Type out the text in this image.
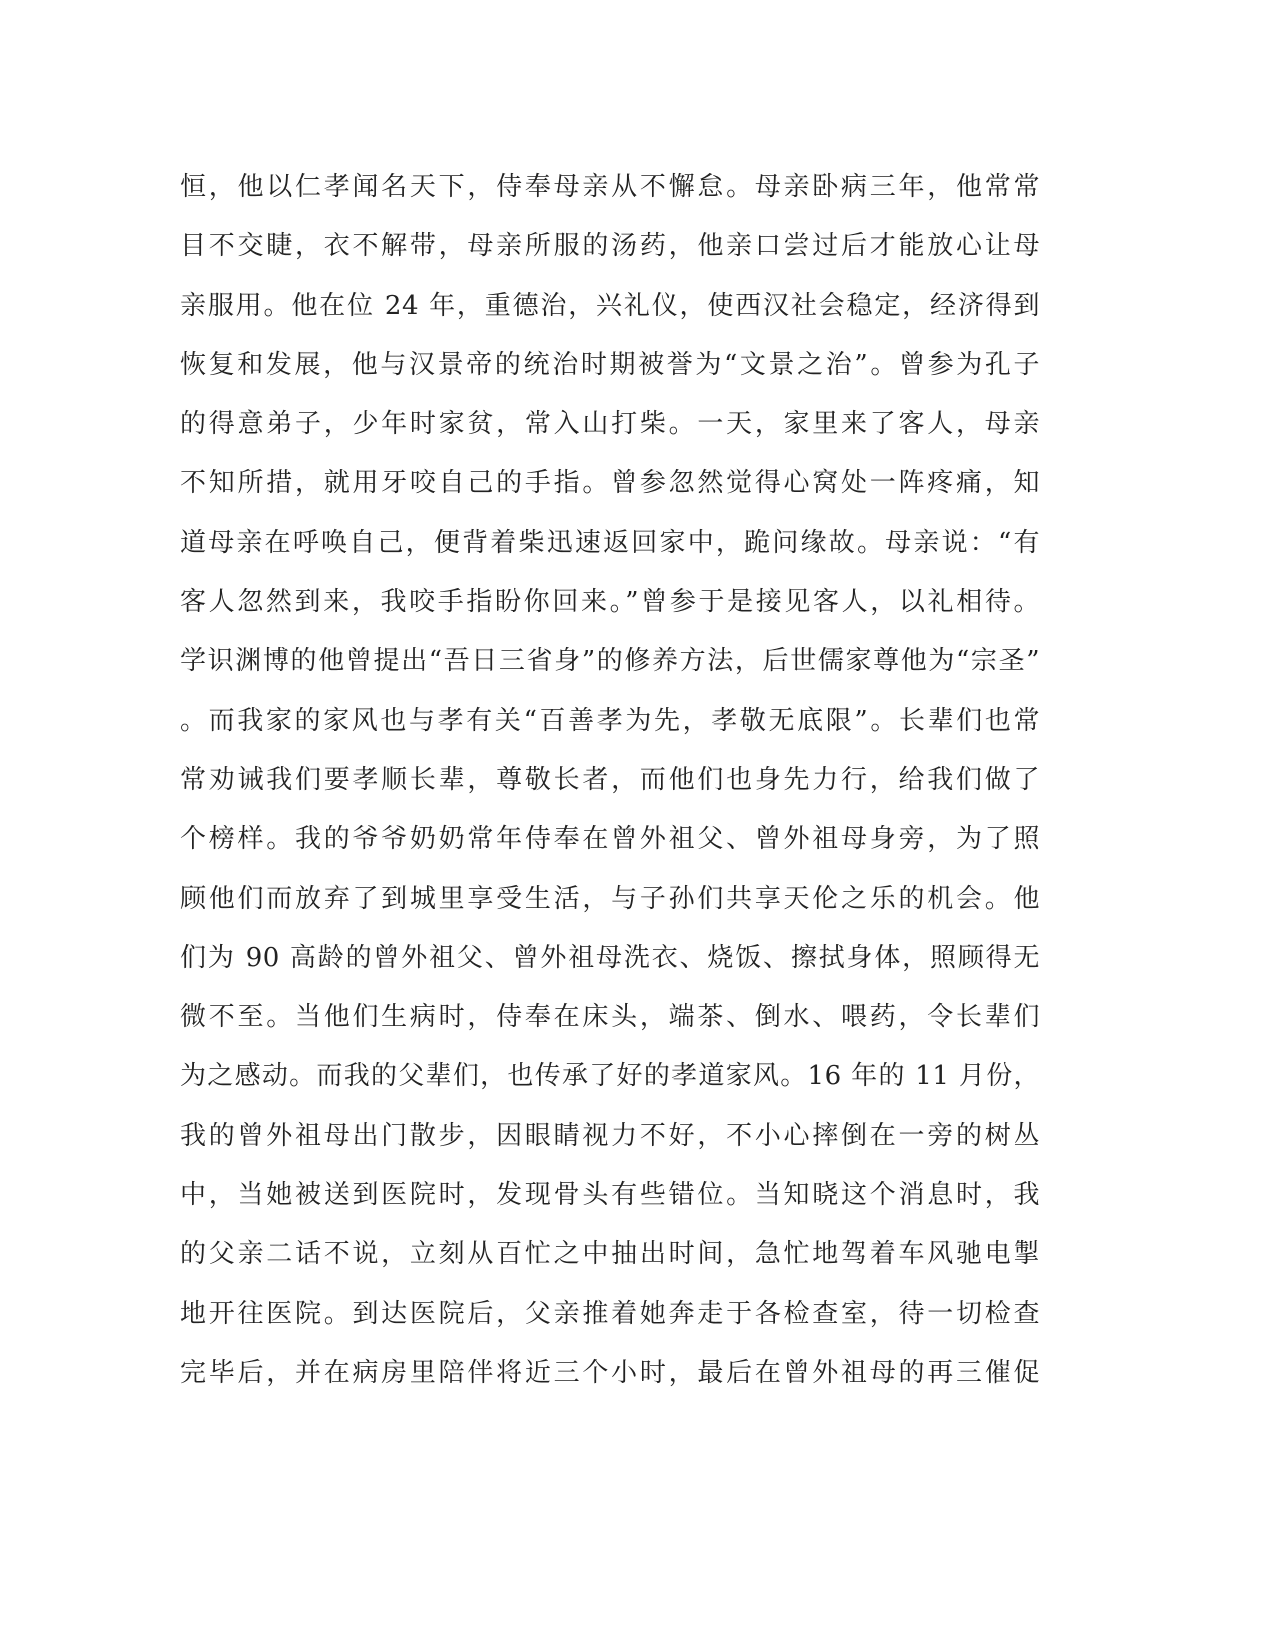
恒，他以仁孝闻名天下，侍奉母亲从不懈怠。母亲卧病三年，他常常
目不交睫，衣不解带，母亲所服的汤药，他亲口尝过后才能放心让母
亲服用。他在位 24 年，重德治，兴礼仪，使西汉社会稳定，经济得到
恢复和发展，他与汉景帝的统治时期被誉为“文景之治”。曾参为孔子
的得意弟子，少年时家贫，常入山打柴。一天，家里来了客人，母亲
不知所措，就用牙咬自己的手指。曾参忽然觉得心窝处一阵疼痛，知
道母亲在呼唤自己，便背着柴迅速返回家中，跪问缘故。母亲说：“有
客人忽然到来，我咬手指盼你回来。”曾参于是接见客人，以礼相待。
学识渊博的他曾提出“吾日三省身”的修养方法，后世儒家尊他为“宗圣”
。而我家的家风也与孝有关“百善孝为先，孝敬无底限”。长辈们也常
常劝诫我们要孝顺长辈，尊敬长者，而他们也身先力行，给我们做了
个榜样。我的爷爷奶奶常年侍奉在曾外祖父、曾外祖母身旁，为了照
顾他们而放弃了到城里享受生活，与子孙们共享天伦之乐的机会。他
们为 90 高龄的曾外祖父、曾外祖母洗衣、烧饭、擦拭身体，照顾得无
微不至。当他们生病时，侍奉在床头，端茶、倒水、喂药，令长辈们
为之感动。而我的父辈们，也传承了好的孝道家风。16 年的 11 月份，
我的曾外祖母出门散步，因眼睛视力不好，不小心摔倒在一旁的树丛
中，当她被送到医院时，发现骨头有些错位。当知晓这个消息时，我
的父亲二话不说，立刻从百忙之中抽出时间，急忙地驾着车风驰电掣
地开往医院。到达医院后，父亲推着她奔走于各检查室，待一切检查
完毕后，并在病房里陪伴将近三个小时，最后在曾外祖母的再三催促
